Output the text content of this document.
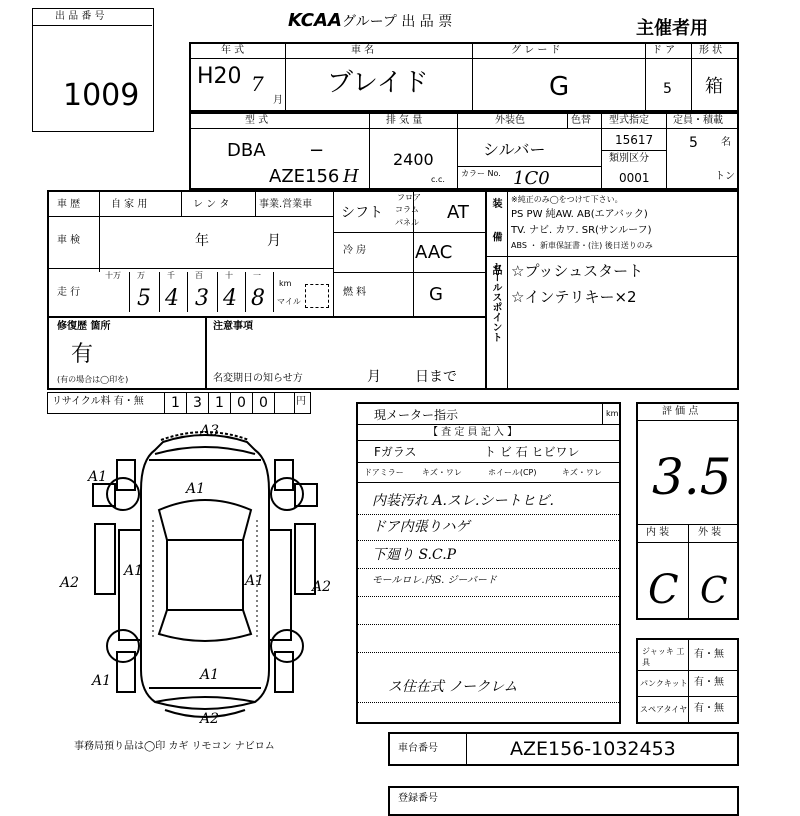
出 品 番 号
1009
KCAA グループ 出 品 票	主催者用
年 式
H20 7
月
車 名
ブレイド
グ レ ー ド
G
ド ア
5
形 状
箱
型 式
DBA −
AZE156 H
排 気 量
2400
c.c.
外装色	色替
シルバー
カラー No. 1C0
型式指定
15617
類別区分
0001
定員・積載
5 名
トン
車 歴	自 家 用	レ ン タ	事業.営業車
車 検	年	月
走 行
十万 万	千	百	十	一
5 4 3 4 8
km
マイル
シフト
フロア
コラム
パネル AT
冷 房	AAC
燃 料	G
装 備 品 ※純正のみ◯をつけて下さい。
PS PW 純AW. AB(エアバック)
TV. ナビ. カワ. SR(サンルーフ)
ABS ・ 新車保証書・(注) 後日送りのみ
セールスポイント ☆プッシュスタート
☆インテリキー×2
修復歴 箇所
有
(有の場合は◯印を)
注意事項
名変期日の知らせ方	月 日まで
リサイクル料 有・無 1 3 1 0 0	円
A3
A1
A1
A1
A1
A2	A2
A1	A1
A2
事務局預り品は◯印 カギ リモコン ナビロム
現メーター指示	km
【 査 定 員 記 入 】
Fガラス	ト ビ 石 ヒビワレ
ドアミラー キズ・ワレ	ホイール(CP)	キズ・ワレ
内装汚れ A.スレ.シートヒビ.
ドア内張りハゲ
下廻り S.C.P
モールロレ.内S. ジーバード
ス住在式 ノークレム
評 価 点
3.5
内 装	外 装
C C
ジャッキ 工 具
有・無
パンクキット 有・無
スペアタイヤ 有・無
車台番号	AZE156-1032453
登録番号
